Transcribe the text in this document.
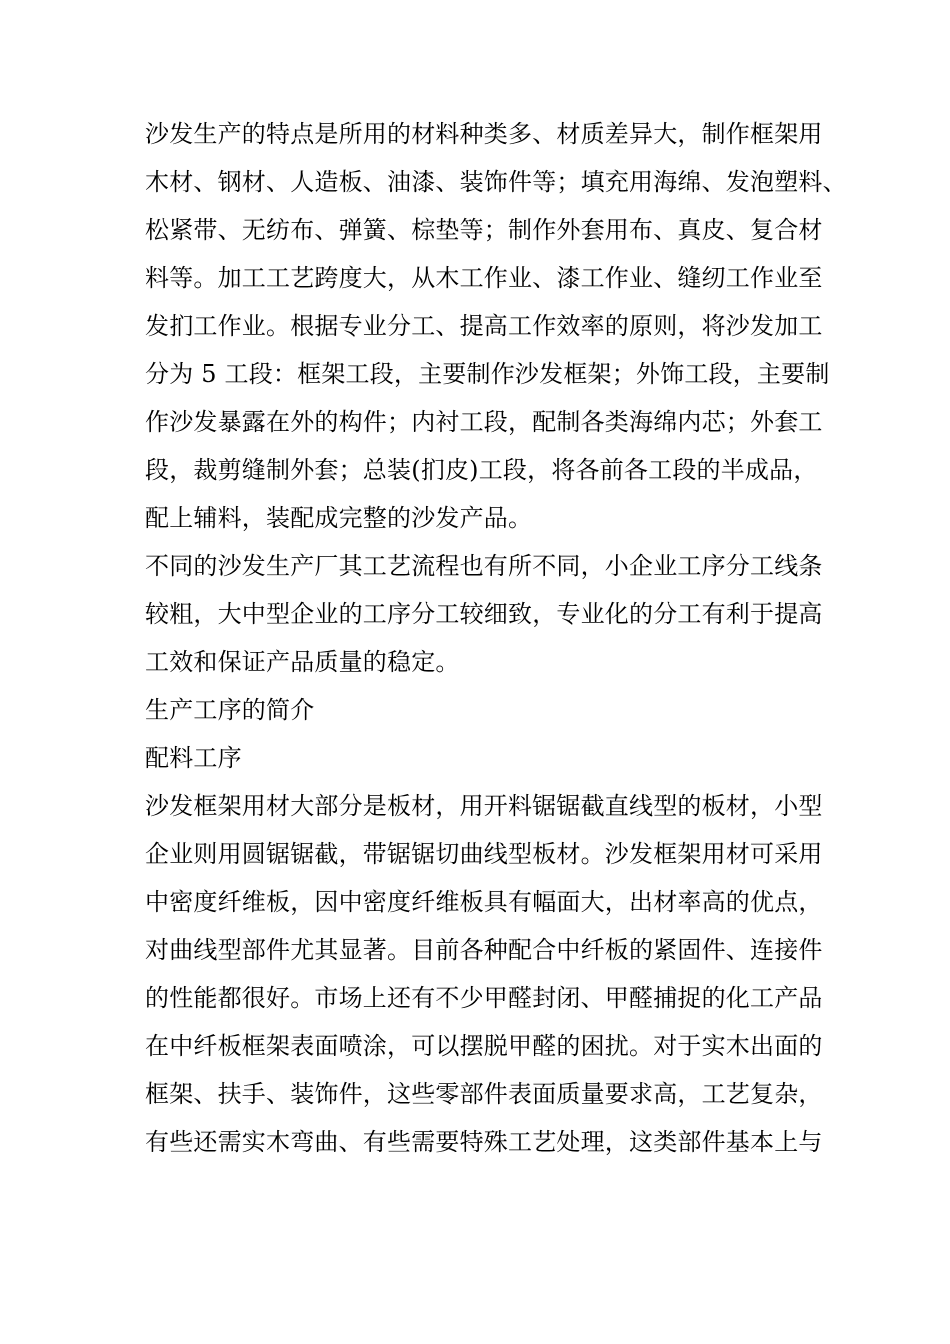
沙发生产的特点是所用的材料种类多、材质差异大，制作框架用
木材、钢材、人造板、油漆、装饰件等；填充用海绵、发泡塑料、
松紧带、无纺布、弹簧、棕垫等；制作外套用布、真皮、复合材
料等。加工工艺跨度大，从木工作业、漆工作业、缝纫工作业至
发扪工作业。根据专业分工、提高工作效率的原则，将沙发加工
分为 5 工段：框架工段，主要制作沙发框架；外饰工段，主要制
作沙发暴露在外的构件；内衬工段，配制各类海绵内芯；外套工
段，裁剪缝制外套；总装(扪皮)工段，将各前各工段的半成品，
配上辅料，装配成完整的沙发产品。
不同的沙发生产厂其工艺流程也有所不同，小企业工序分工线条
较粗，大中型企业的工序分工较细致，专业化的分工有利于提高
工效和保证产品质量的稳定。
生产工序的简介
配料工序
沙发框架用材大部分是板材，用开料锯锯截直线型的板材，小型
企业则用圆锯锯截，带锯锯切曲线型板材。沙发框架用材可采用
中密度纤维板，因中密度纤维板具有幅面大，出材率高的优点，
对曲线型部件尤其显著。目前各种配合中纤板的紧固件、连接件
的性能都很好。市场上还有不少甲醛封闭、甲醛捕捉的化工产品
在中纤板框架表面喷涂，可以摆脱甲醛的困扰。对于实木出面的
框架、扶手、装饰件，这些零部件表面质量要求高，工艺复杂，
有些还需实木弯曲、有些需要特殊工艺处理，这类部件基本上与
